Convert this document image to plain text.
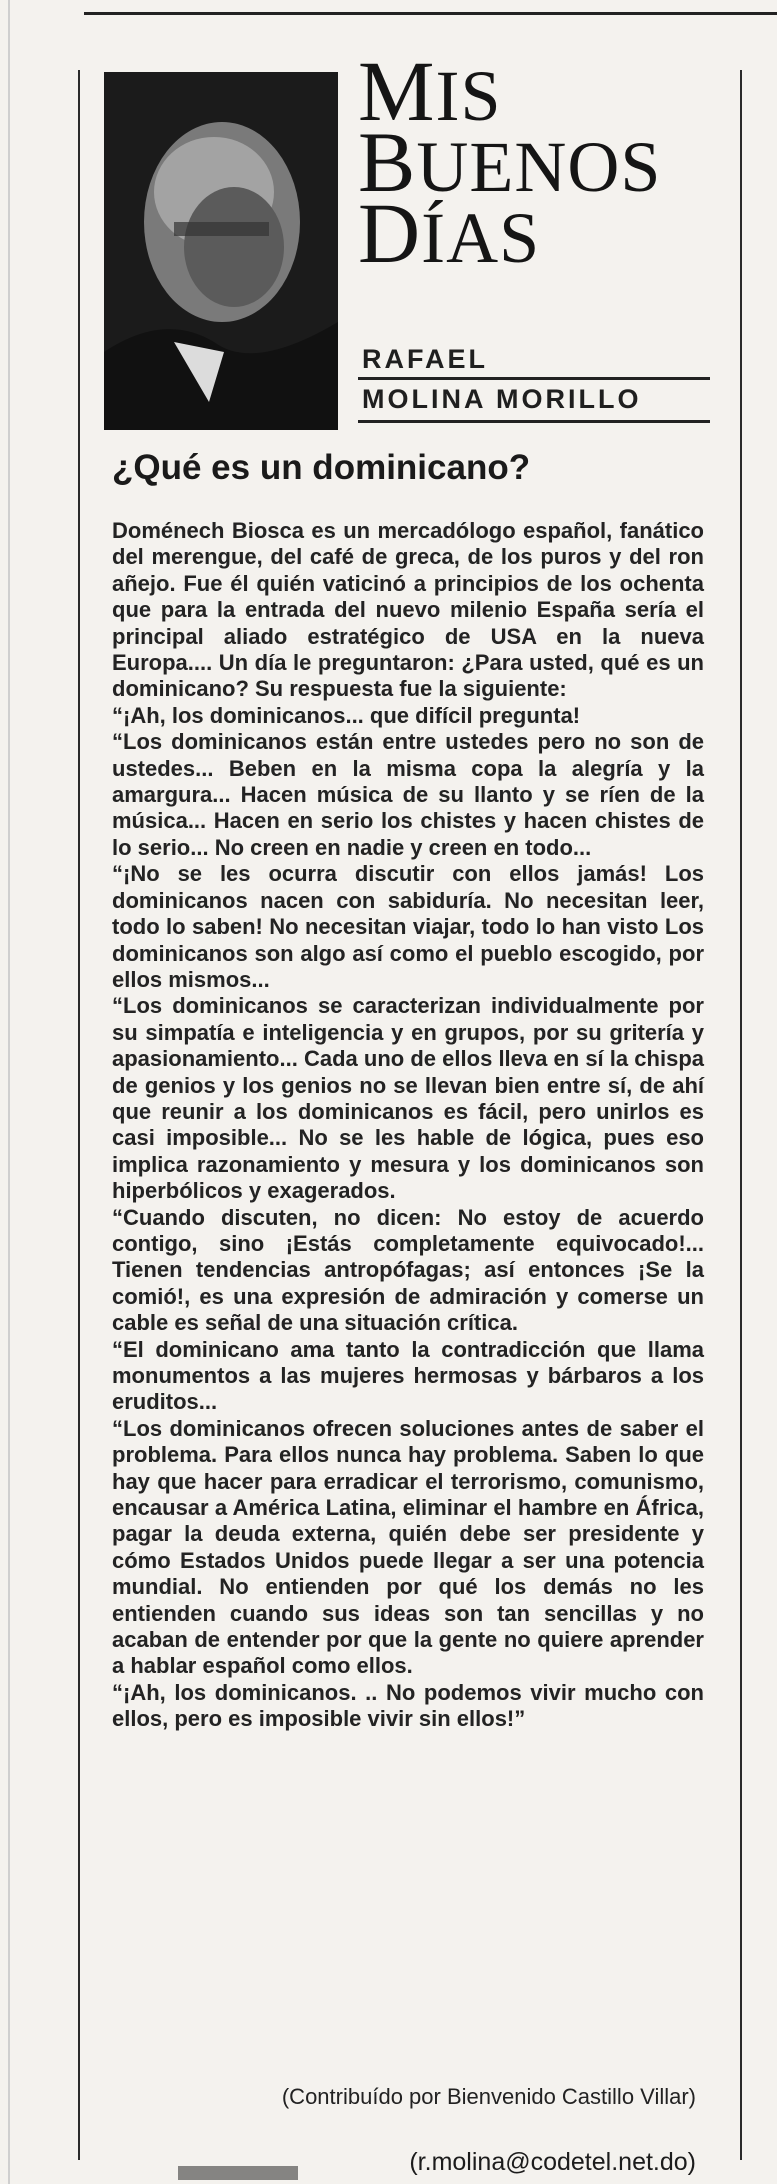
MIS
BUENOS
DÍAS
RAFAEL
MOLINA MORILLO
¿Qué es un dominicano?

Doménech Biosca es un mercadólogo español, fanático del merengue, del café de greca, de los puros y del ron añejo. Fue él quién vaticinó a principios de los ochenta que para la entrada del nuevo milenio España sería el principal aliado estratégico de USA en la nueva Europa.... Un día le preguntaron: ¿Para usted, qué es un dominicano? Su respuesta fue la siguiente:

“¡Ah, los dominicanos... que difícil pregunta!

“Los dominicanos están entre ustedes pero no son de ustedes... Beben en la misma copa la alegría y la amargura... Hacen música de su llanto y se ríen de la música... Hacen en serio los chistes y hacen chistes de lo serio... No creen en nadie y creen en todo...

“¡No se les ocurra discutir con ellos jamás! Los dominicanos nacen con sabiduría. No necesitan leer, todo lo saben! No necesitan viajar, todo lo han visto Los dominicanos son algo así como el pueblo escogido, por ellos mismos...

“Los dominicanos se caracterizan individualmente por su simpatía e inteligencia y en grupos, por su gritería y apasionamiento... Cada uno de ellos lleva en sí la chispa de genios y los genios no se llevan bien entre sí, de ahí que reunir a los dominicanos es fácil, pero unirlos es casi imposible... No se les hable de lógica, pues eso implica razonamiento y mesura y los dominicanos son hiperbólicos y exagerados.

“Cuando discuten, no dicen: No estoy de acuerdo contigo, sino ¡Estás completamente equivocado!... Tienen tendencias antropófagas; así entonces ¡Se la comió!, es una expresión de admiración y comerse un cable es señal de una situación crítica.

“El dominicano ama tanto la contradicción que llama monumentos a las mujeres hermosas y bárbaros a los eruditos...

“Los dominicanos ofrecen soluciones antes de saber el problema. Para ellos nunca hay problema. Saben lo que hay que hacer para erradicar el terrorismo, comunismo, encausar a América Latina, eliminar el hambre en África, pagar la deuda externa, quién debe ser presidente y cómo Estados Unidos puede llegar a ser una potencia mundial. No entienden por qué los demás no les entienden cuando sus ideas son tan sencillas y no acaban de entender por que la gente no quiere aprender a hablar español como ellos.

“¡Ah, los dominicanos. .. No podemos vivir mucho con ellos, pero es imposible vivir sin ellos!”

(Contribuído por Bienvenido Castillo Villar)
(r.molina@codetel.net.do)
